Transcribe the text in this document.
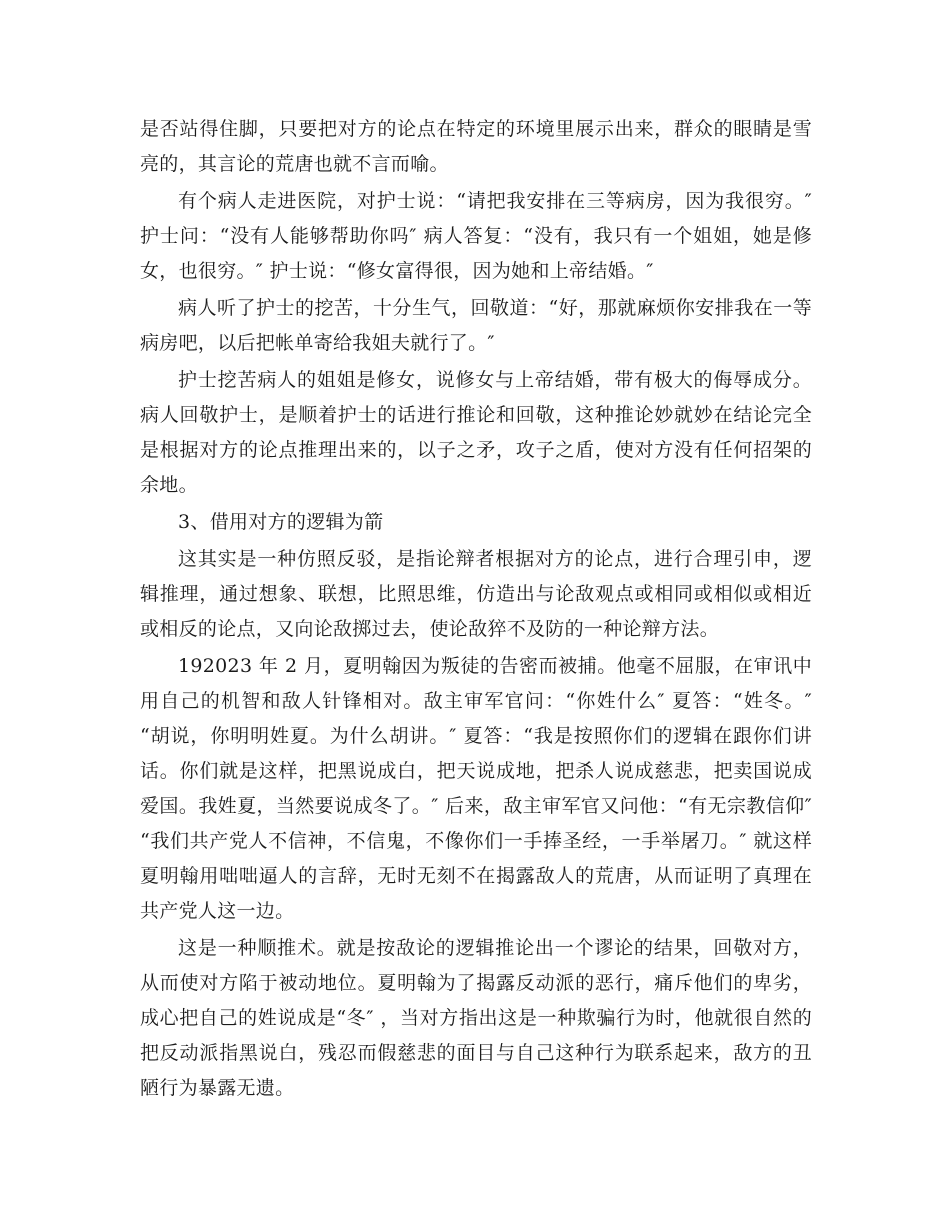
是否站得住脚，只要把对方的论点在特定的环境里展示出来，群众的眼睛是雪亮的，其言论的荒唐也就不言而喻。

有个病人走进医院，对护士说：“请把我安排在三等病房，因为我很穷。″ 护士问：“没有人能够帮助你吗″ 病人答复：“没有，我只有一个姐姐，她是修女，也很穷。″ 护士说：“修女富得很，因为她和上帝结婚。″

病人听了护士的挖苦，十分生气，回敬道：“好，那就麻烦你安排我在一等病房吧，以后把帐单寄给我姐夫就行了。″

护士挖苦病人的姐姐是修女，说修女与上帝结婚，带有极大的侮辱成分。病人回敬护士，是顺着护士的话进行推论和回敬，这种推论妙就妙在结论完全是根据对方的论点推理出来的，以子之矛，攻子之盾，使对方没有任何招架的余地。

3、借用对方的逻辑为箭

这其实是一种仿照反驳，是指论辩者根据对方的论点，进行合理引申，逻辑推理，通过想象、联想，比照思维，仿造出与论敌观点或相同或相似或相近或相反的论点，又向论敌掷过去，使论敌猝不及防的一种论辩方法。

192023 年 2 月，夏明翰因为叛徒的告密而被捕。他毫不屈服，在审讯中用自己的机智和敌人针锋相对。敌主审军官问：“你姓什么″ 夏答：“姓冬。″ “胡说，你明明姓夏。为什么胡讲。″ 夏答：“我是按照你们的逻辑在跟你们讲话。你们就是这样，把黑说成白，把天说成地，把杀人说成慈悲，把卖国说成爱国。我姓夏，当然要说成冬了。″ 后来，敌主审军官又问他：“有无宗教信仰″ “我们共产党人不信神，不信鬼，不像你们一手捧圣经，一手举屠刀。″ 就这样夏明翰用咄咄逼人的言辞，无时无刻不在揭露敌人的荒唐，从而证明了真理在共产党人这一边。

这是一种顺推术。就是按敌论的逻辑推论出一个谬论的结果，回敬对方，从而使对方陷于被动地位。夏明翰为了揭露反动派的恶行，痛斥他们的卑劣，成心把自己的姓说成是“冬″ ，当对方指出这是一种欺骗行为时，他就很自然的把反动派指黑说白，残忍而假慈悲的面目与自己这种行为联系起来，敌方的丑陋行为暴露无遗。
